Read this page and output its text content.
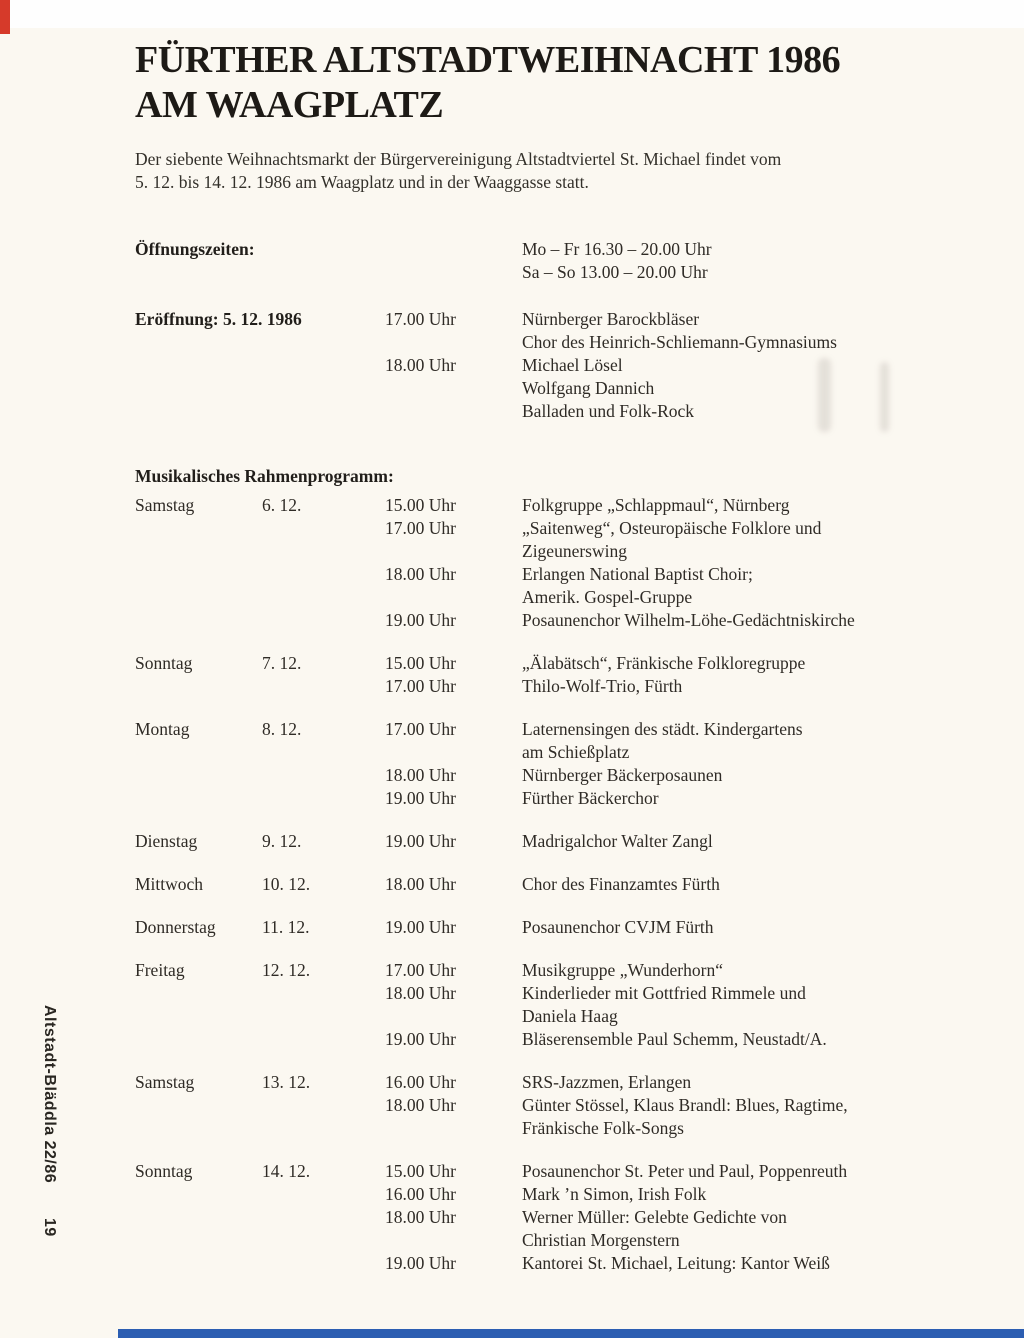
FÜRTHER ALTSTADTWEIHNACHT 1986
AM WAAGPLATZ
Der siebente Weihnachtsmarkt der Bürgervereinigung Altstadtviertel St. Michael findet vom
5. 12. bis 14. 12. 1986 am Waagplatz und in der Waaggasse statt.
Öffnungszeiten:	Mo – Fr 16.30 – 20.00 Uhr
Sa – So 13.00 – 20.00 Uhr
Eröffnung: 5. 12. 1986	17.00 Uhr	Nürnberger Barockbläser
Chor des Heinrich-Schliemann-Gymnasiums
18.00 Uhr	Michael Lösel
Wolfgang Dannich
Balladen und Folk-Rock
Musikalisches Rahmenprogramm:
Samstag	6. 12.	15.00 Uhr	Folkgruppe „Schlappmaul“, Nürnberg
17.00 Uhr	„Saitenweg“, Osteuropäische Folklore und
Zigeunerswing
18.00 Uhr	Erlangen National Baptist Choir;
Amerik. Gospel-Gruppe
19.00 Uhr	Posaunenchor Wilhelm-Löhe-Gedächtniskirche
Sonntag	7. 12.	15.00 Uhr	„Älabätsch“, Fränkische Folkloregruppe
17.00 Uhr	Thilo-Wolf-Trio, Fürth
Montag	8. 12.	17.00 Uhr	Laternensingen des städt. Kindergartens
am Schießplatz
18.00 Uhr	Nürnberger Bäckerposaunen
19.00 Uhr	Fürther Bäckerchor
Dienstag	9. 12.	19.00 Uhr	Madrigalchor Walter Zangl
Mittwoch	10. 12.	18.00 Uhr	Chor des Finanzamtes Fürth
Donnerstag	11. 12.	19.00 Uhr	Posaunenchor CVJM Fürth
Freitag	12. 12.	17.00 Uhr	Musikgruppe „Wunderhorn“
18.00 Uhr	Kinderlieder mit Gottfried Rimmele und
Daniela Haag
19.00 Uhr	Bläserensemble Paul Schemm, Neustadt/A.
Samstag	13. 12.	16.00 Uhr	SRS-Jazzmen, Erlangen
18.00 Uhr	Günter Stössel, Klaus Brandl: Blues, Ragtime,
Fränkische Folk-Songs
Sonntag	14. 12.	15.00 Uhr	Posaunenchor St. Peter und Paul, Poppenreuth
16.00 Uhr	Mark ’n Simon, Irish Folk
18.00 Uhr	Werner Müller: Gelebte Gedichte von
Christian Morgenstern
19.00 Uhr	Kantorei St. Michael, Leitung: Kantor Weiß
Altstadt-Bläddla 22/86 19
